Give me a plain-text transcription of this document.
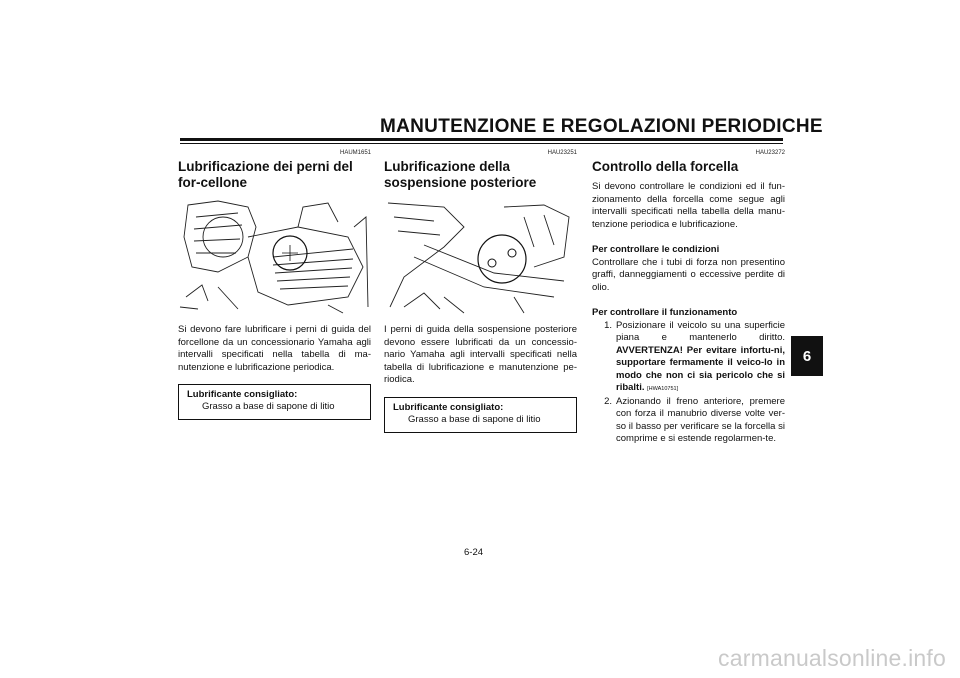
MANUTENZIONE E REGOLAZIONI PERIODICHE
6
HAUM1651
Lubrificazione dei perni del for-cellone

Si devono fare lubrificare i perni di guida del forcellone da un concessionario Yamaha agli intervalli specificati nella tabella di ma-nutenzione e lubrificazione periodica.

Lubrificante consigliato:
Grasso a base di sapone di litio
HAU23251
Lubrificazione della sospensione posteriore

I perni di guida della sospensione posteriore devono essere lubrificati da un concessio-nario Yamaha agli intervalli specificati nella tabella di lubrificazione e manutenzione pe-riodica.

Lubrificante consigliato:
Grasso a base di sapone di litio
HAU23272
Controllo della forcella

Si devono controllare le condizioni ed il fun-zionamento della forcella come segue agli intervalli specificati nella tabella della manu-tenzione periodica e lubrificazione.

Per controllare le condizioni

Controllare che i tubi di forza non presentino graffi, danneggiamenti o eccessive perdite di olio.

Per controllare il funzionamento
1. Posizionare il veicolo su una superficie piana e mantenerlo diritto. AVVERTENZA! Per evitare infortu-ni, supportare fermamente il veico-lo in modo che non ci sia pericolo che si ribalti. [HWA10751]
2. Azionando il freno anteriore, premere con forza il manubrio diverse volte ver-so il basso per verificare se la forcella si comprime e si estende regolarmen-te.
6-24
carmanualsonline.info
